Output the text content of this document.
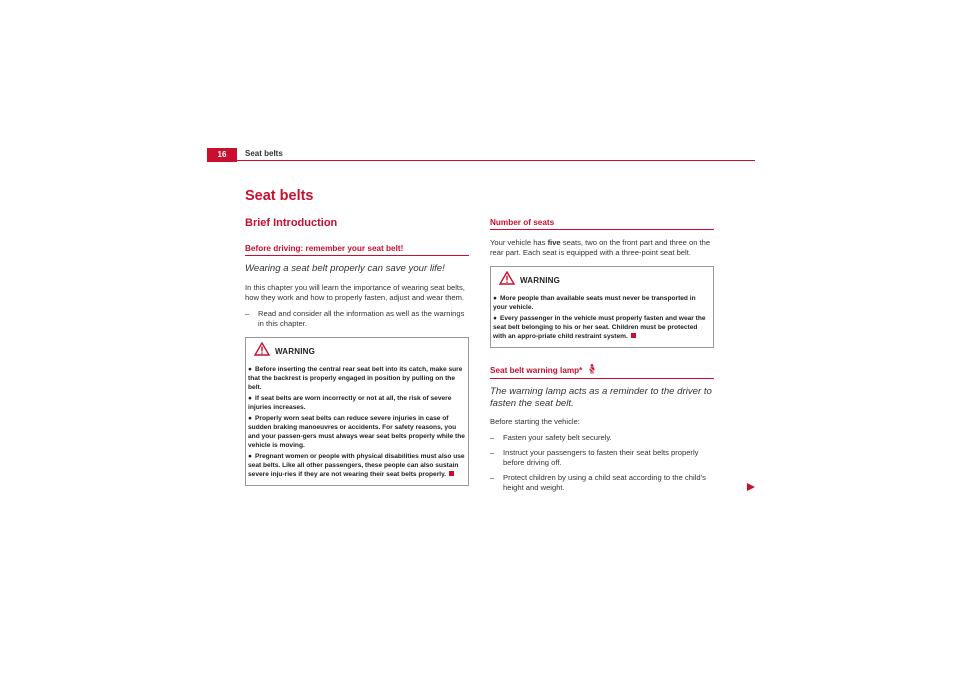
16	Seat belts
Seat belts
Brief Introduction
Before driving: remember your seat belt!
Wearing a seat belt properly can save your life!

In this chapter you will learn the importance of wearing seat belts, how they work and how to properly fasten, adjust and wear them.

–	Read and consider all the information as well as the warnings in this chapter.
WARNING
● Before inserting the central rear seat belt into its catch, make sure that the backrest is properly engaged in position by pulling on the belt.
● If seat belts are worn incorrectly or not at all, the risk of severe injuries increases.
● Properly worn seat belts can reduce severe injuries in case of sudden braking manoeuvres or accidents. For safety reasons, you and your passen-gers must always wear seat belts properly while the vehicle is moving.
● Pregnant women or people with physical disabilities must also use seat belts. Like all other passengers, these people can also sustain severe inju-ries if they are not wearing their seat belts properly.
Number of seats

Your vehicle has five seats, two on the front part and three on the rear part. Each seat is equipped with a three-point seat belt.

WARNING
● More people than available seats must never be transported in your vehicle.
● Every passenger in the vehicle must properly fasten and wear the seat belt belonging to his or her seat. Children must be protected with an appro-priate child restraint system.
Seat belt warning lamp*
The warning lamp acts as a reminder to the driver to fasten the seat belt.

Before starting the vehicle:

–	Fasten your safety belt securely.
–	Instruct your passengers to fasten their seat belts properly before driving off.
–	Protect children by using a child seat according to the child’s height and weight.
